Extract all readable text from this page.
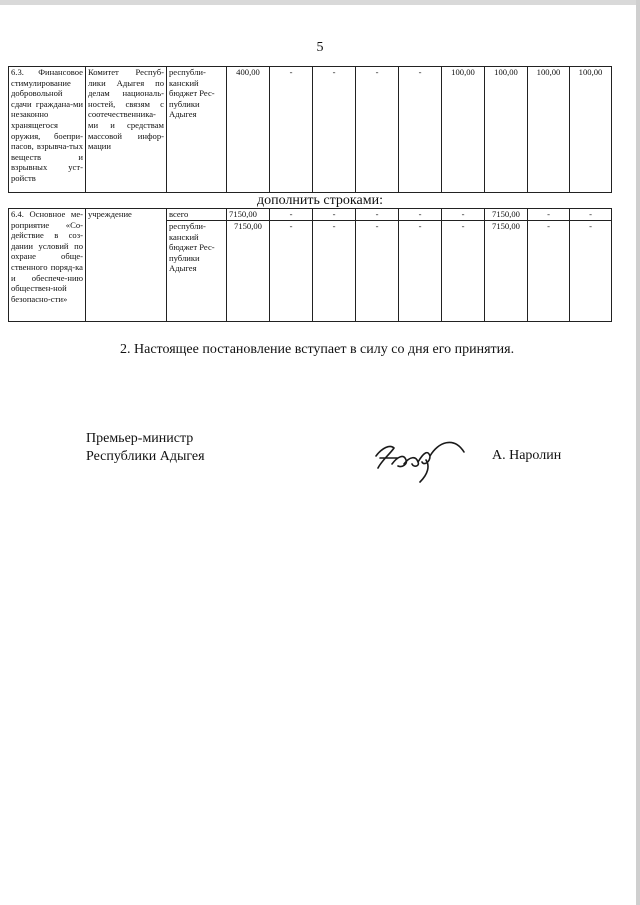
5
6.3. Финансовое стимулирование добровольной сдачи граждана-ми незаконно хранящегося оружия, боепри-пасов, взрывча-тых веществ и взрывных уст-ройств	Комитет Респуб-лики Адыгея по делам националь-ностей, связям с соотечественника-ми и средствам массовой инфор-мации	республи-канский бюджет Рес-публики Адыгея	400,00	-	-	-	-	100,00	100,00	100,00	100,00
дополнить строками:
6.4. Основное ме-роприятие «Со-действие в соз-дании условий по охране обще-ственного поряд-ка и обеспече-нию обществен-ной безопасно-сти»	учреждение	всего	7150,00	-	-	-	-	-	7150,00	-	-
		республи-канский бюджет Рес-публики Адыгея	7150,00	-	-	-	-	-	7150,00	-	-
2. Настоящее постановление вступает в силу со дня его принятия.
Премьер-министр
Республики Адыгея	А. Наролин
